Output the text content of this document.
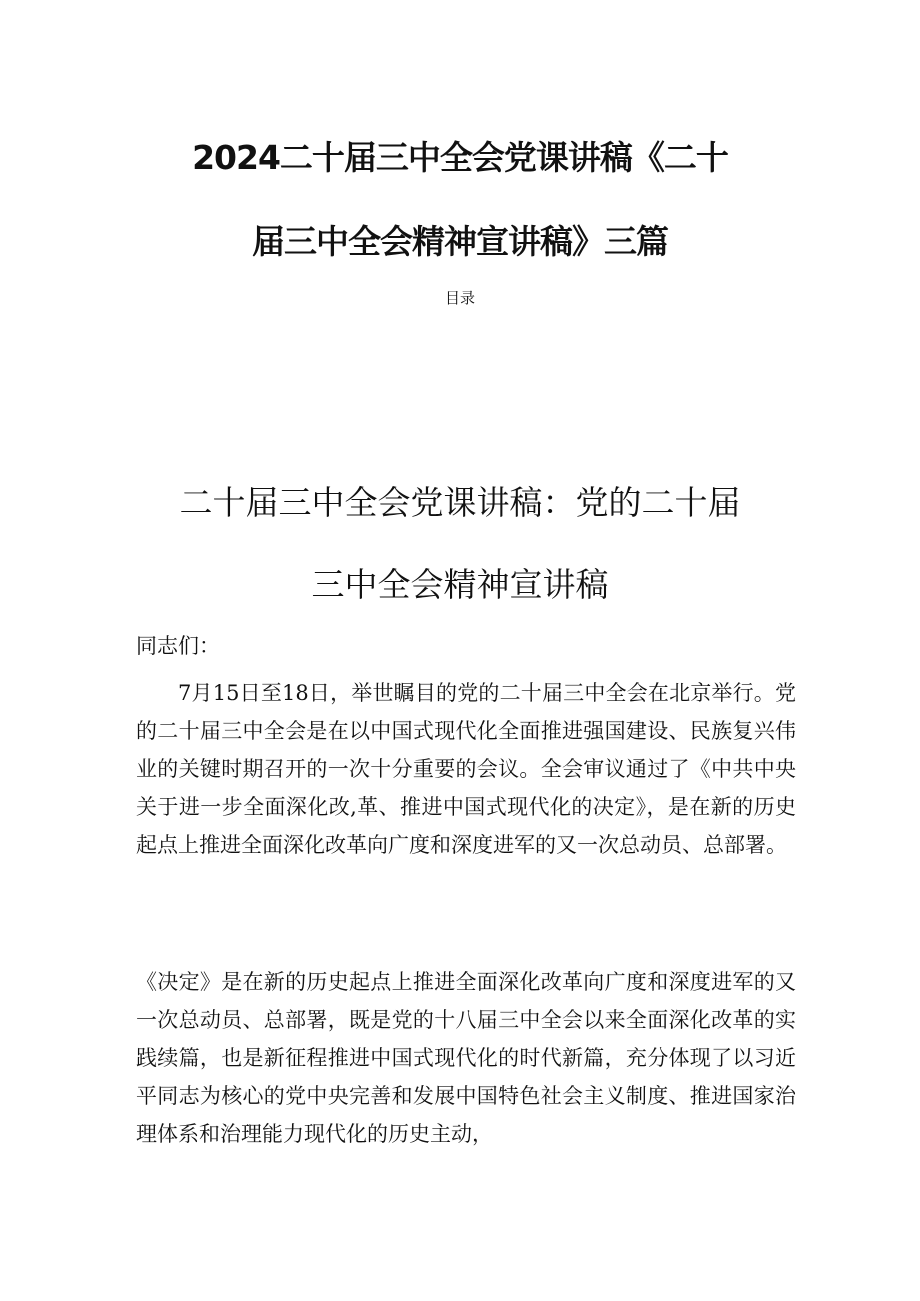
2024二十届三中全会党课讲稿《二十
届三中全会精神宣讲稿》三篇
目录
二十届三中全会党课讲稿：党的二十届
三中全会精神宣讲稿
同志们：

7月15日至18日，举世瞩目的党的二十届三中全会在北京举行。党的二十届三中全会是在以中国式现代化全面推进强国建设、民族复兴伟业的关键时期召开的一次十分重要的会议。全会审议通过了《中共中央关于进一步全面深化改,革、推进中国式现代化的决定》，是在新的历史起点上推进全面深化改革向广度和深度进军的又一次总动员、总部署。

《决定》是在新的历史起点上推进全面深化改革向广度和深度进军的又一次总动员、总部署，既是党的十八届三中全会以来全面深化改革的实践续篇，也是新征程推进中国式现代化的时代新篇，充分体现了以习近平同志为核心的党中央完善和发展中国特色社会主义制度、推进国家治理体系和治理能力现代化的历史主动，
